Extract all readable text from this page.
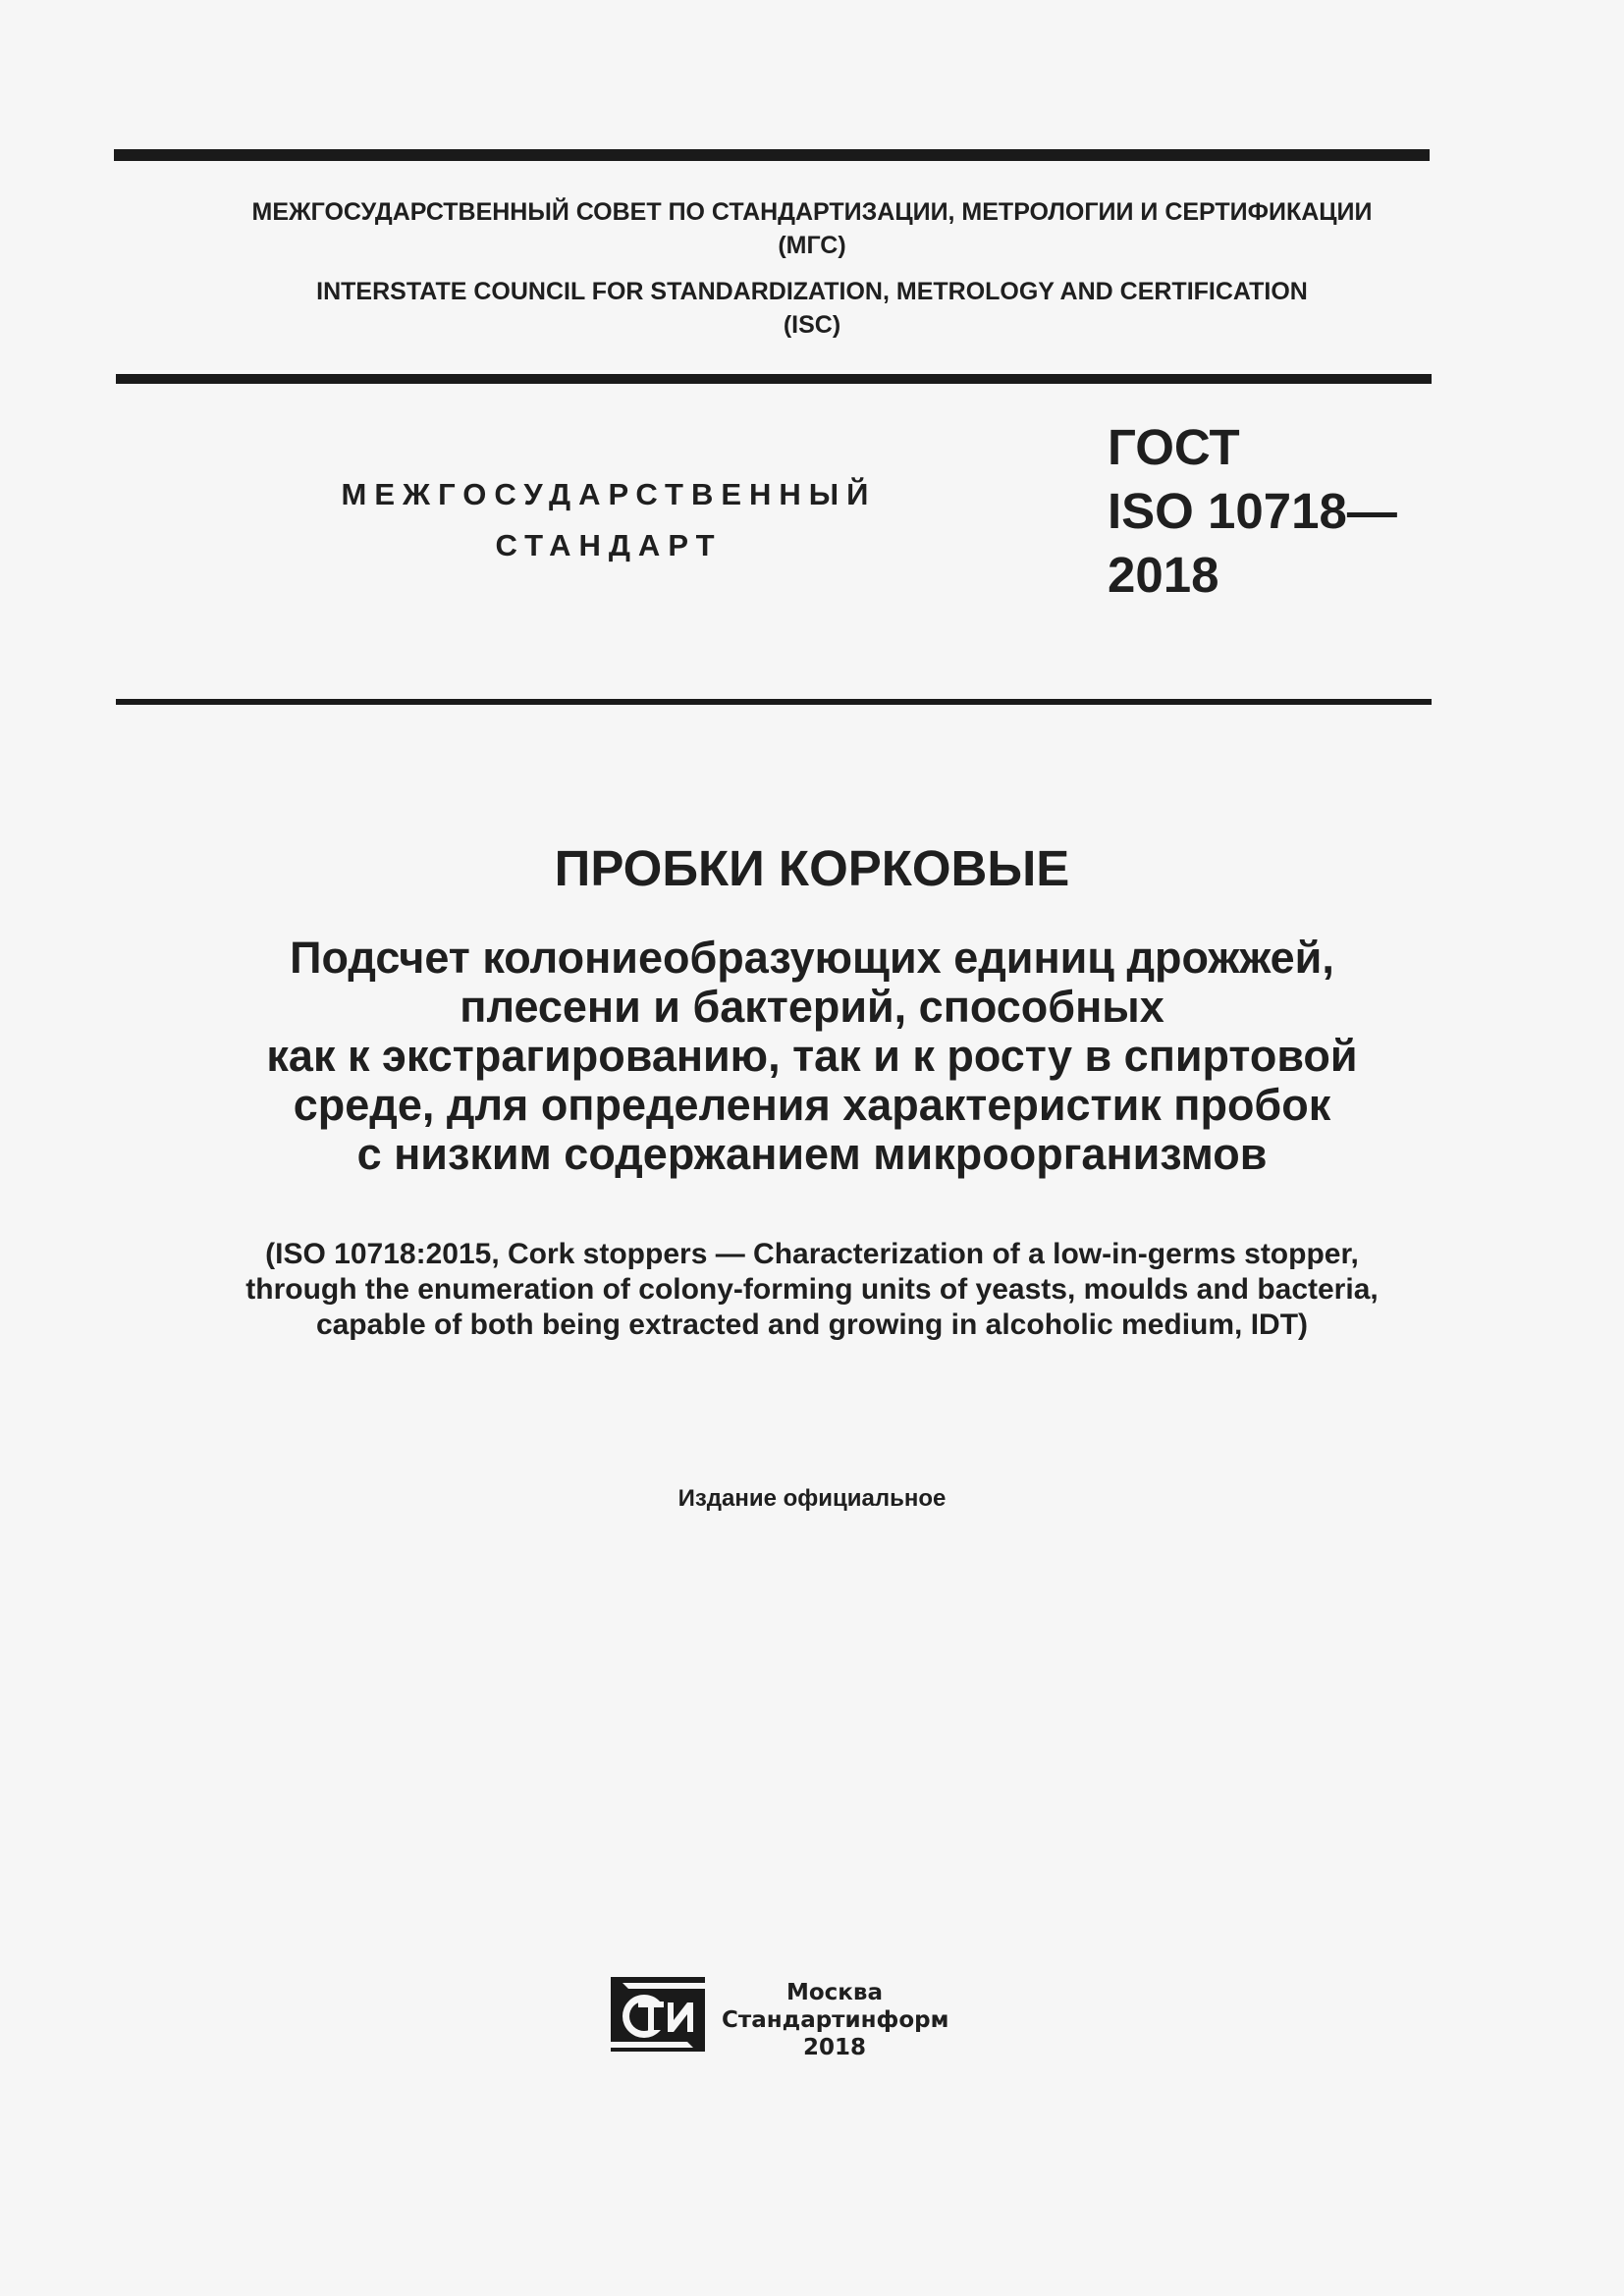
МЕЖГОСУДАРСТВЕННЫЙ СОВЕТ ПО СТАНДАРТИЗАЦИИ, МЕТРОЛОГИИ И СЕРТИФИКАЦИИ
(МГС)
INTERSTATE COUNCIL FOR STANDARDIZATION, METROLOGY AND CERTIFICATION
(ISC)
МЕЖГОСУДАРСТВЕННЫЙ
СТАНДАРТ
ГОСТ
ISO 10718—
2018
ПРОБКИ КОРКОВЫЕ
Подсчет колониеобразующих единиц дрожжей,
плесени и бактерий, способных
как к экстрагированию, так и к росту в спиртовой
среде, для определения характеристик пробок
с низким содержанием микроорганизмов
(ISO 10718:2015, Cork stoppers — Characterization of a low-in-germs stopper,
through the enumeration of colony-forming units of yeasts, moulds and bacteria,
capable of both being extracted and growing in alcoholic medium, IDT)
Издание официальное
Москва
Стандартинформ
2018
